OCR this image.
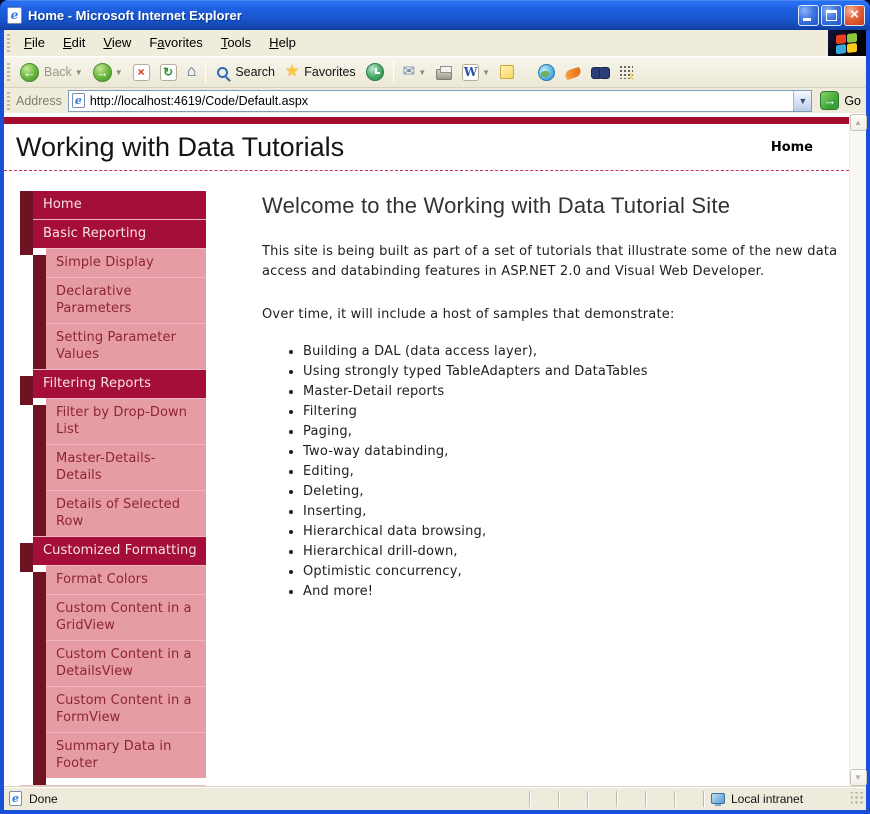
e Home - Microsoft Internet Explorer	×
File Edit View Favorites Tools Help
← Back ▼ → ▼	×	↻ ⌂	Search ★ Favorites	✉ ▼	W ▼
Address e http://localhost:4619/Code/Default.aspx	▼	→ Go
Working with Data Tutorials	Home
Home
Basic Reporting
Simple Display
Declarative Parameters
Setting Parameter Values
Filtering Reports
Filter by Drop-Down List
Master-Details-Details
Details of Selected Row
Customized Formatting
Format Colors
Custom Content in a GridView
Custom Content in a DetailsView
Custom Content in a FormView
Summary Data in Footer
Welcome to the Working with Data Tutorial Site

This site is being built as part of a set of tutorials that illustrate some of the new data access and databinding features in ASP.NET 2.0 and Visual Web Developer.

Over time, it will include a host of samples that demonstrate:

• Building a DAL (data access layer),
• Using strongly typed TableAdapters and DataTables
• Master-Detail reports
• Filtering
• Paging,
• Two-way databinding,
• Editing,
• Deleting,
• Inserting,
• Hierarchical data browsing,
• Hierarchical drill-down,
• Optimistic concurrency,
• And more!
▲
▼
e Done	Local intranet
